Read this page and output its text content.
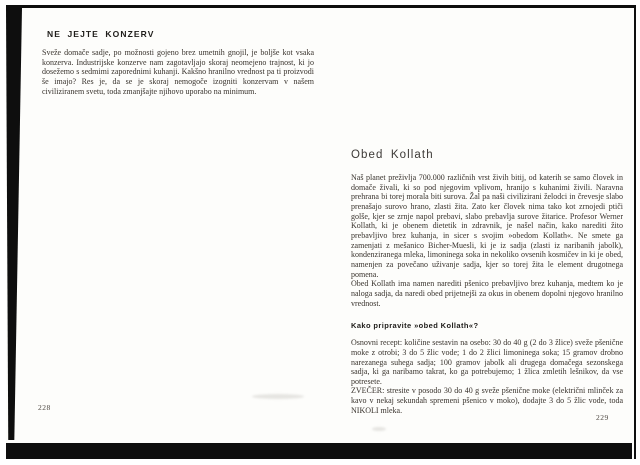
NE JEJTE KONZERV

Sveže domače sadje, po možnosti gojeno brez umetnih gnojil, je boljše kot vsaka konzerva. Industrijske konzerve nam zagotavljajo skoraj neomejeno trajnost, ki jo dosežemo s sedmimi zaporednimi kuhanji. Kakšno hranilno vrednost pa ti proizvodi še imajo? Res je, da se je skoraj nemogoče izogniti konzervam v našem civiliziranem svetu, toda zmanjšajte njihovo uporabo na minimum.

228
Obed Kollath

Naš planet preživlja 700.000 različnih vrst živih bitij, od katerih se samo človek in domače živali, ki so pod njegovim vplivom, hranijo s kuhanimi živili. Naravna prehrana bi torej morala biti surova. Žal pa naši civilizirani želodci in črevesje slabo prenašajo surovo hrano, zlasti žita. Zato ker človek nima tako kot zrnojedi ptiči golše, kjer se zrnje napol prebavi, slabo prebavlja surove žitarice. Profesor Werner Kollath, ki je obenem dietetik in zdravnik, je našel način, kako narediti žito prebavljivo brez kuhanja, in sicer s svojim »obedom Kollath«. Ne smete ga zamenjati z mešanico Bicher-Muesli, ki je iz sadja (zlasti iz naribanih jabolk), kondenziranega mleka, limoninega soka in nekoliko ovsenih kosmičev in ki je obed, namenjen za povečano uživanje sadja, kjer so torej žita le element drugotnega pomena.

Obed Kollath ima namen narediti pšenico prebavljivo brez kuhanja, medtem ko je naloga sadja, da naredi obed prijetnejši za okus in obenem dopolni njegovo hranilno vrednost.

Kako pripravite »obed Kollath«?

Osnovni recept: količine sestavin na osebo: 30 do 40 g (2 do 3 žlice) sveže pšenične moke z otrobi; 3 do 5 žlic vode; 1 do 2 žlici limoninega soka; 15 gramov drobno narezanega suhega sadja; 100 gramov jabolk ali drugega domačega sezonskega sadja, ki ga naribamo takrat, ko ga potrebujemo; 1 žlica zmletih lešnikov, da vse potresete.

ZVEČER: stresite v posodo 30 do 40 g sveže pšenične moke (električni mlinček za kavo v nekaj sekundah spremeni pšenico v moko), dodajte 3 do 5 žlic vode, toda NIKOLI mleka.

229
